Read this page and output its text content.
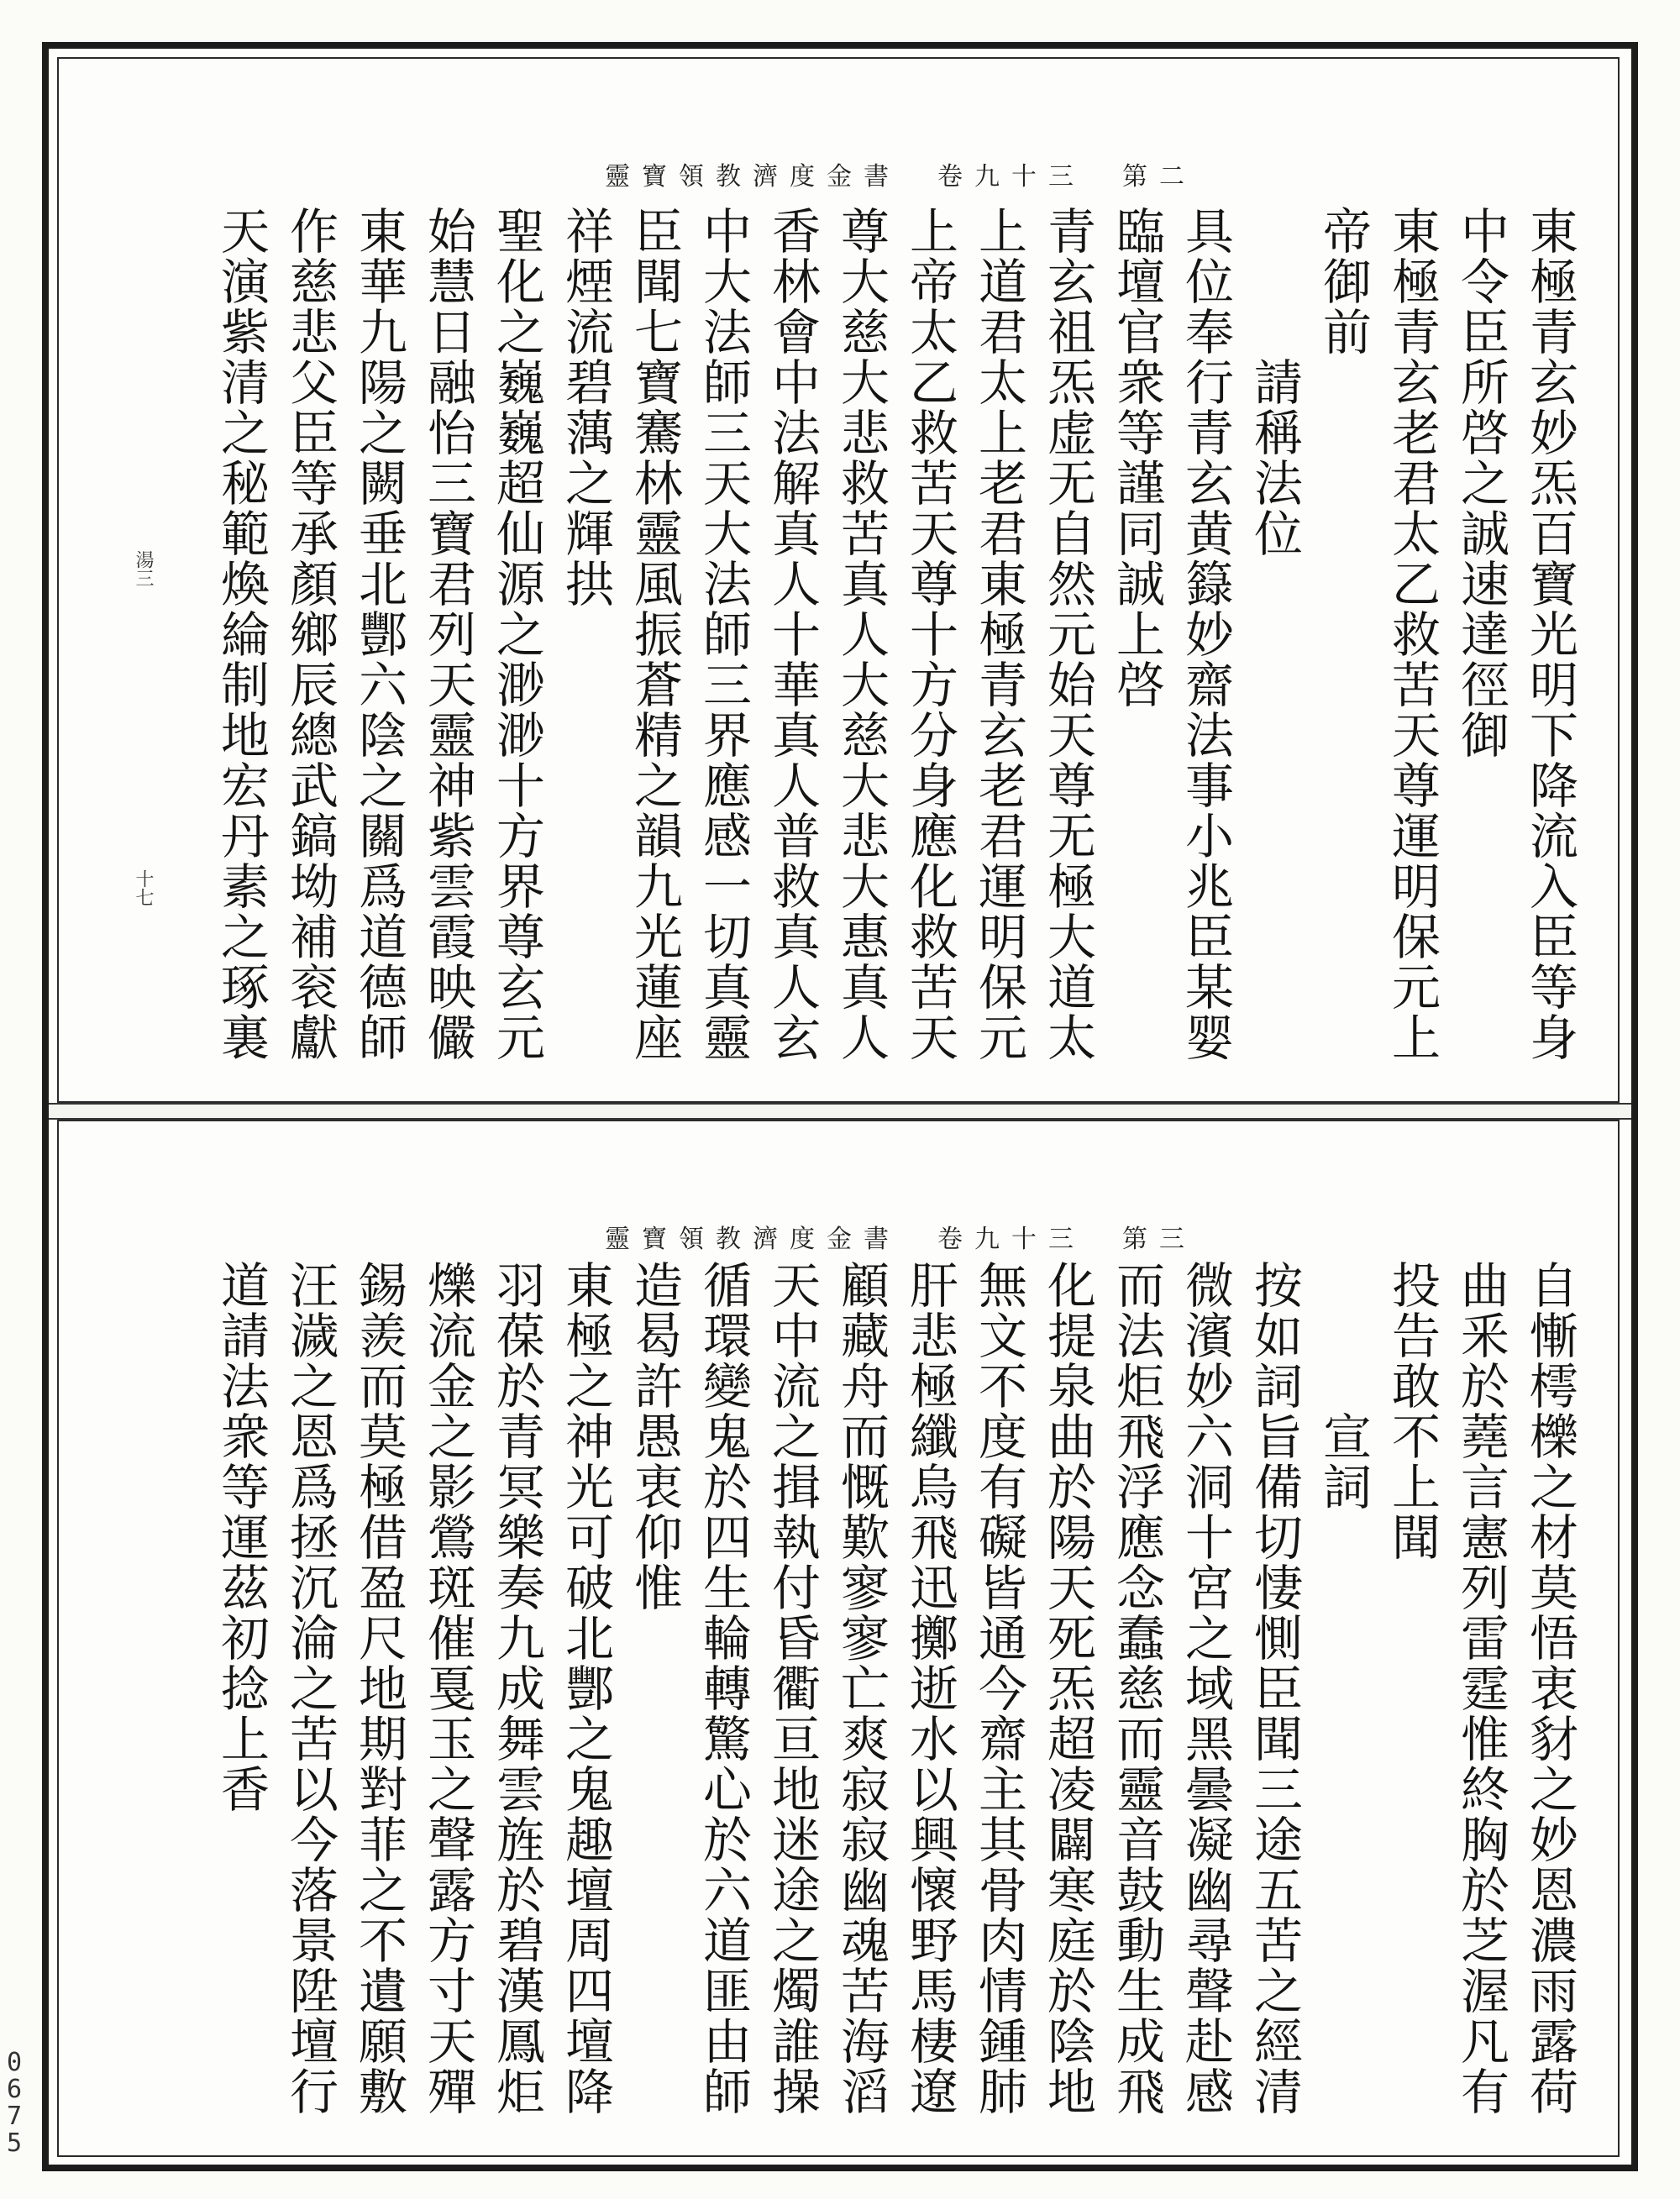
0675
靈寶領教濟度金書　卷九十三　第二
東極青玄妙炁百寶光明下降流入臣等身
中令臣所啓之誠速達徑御
東極青玄老君太乙救苦天尊運明保元上
帝御前
　　　請稱法位
具位奉行青玄黄籙妙齋法事小兆臣某婴
臨壇官衆等謹同誠上啓
青玄祖炁虚无自然元始天尊无極大道太
上道君太上老君東極青玄老君運明保元
上帝太乙救苦天尊十方分身應化救苦天
尊大慈大悲救苦真人大慈大悲大惠真人
香林會中法解真人十華真人普救真人玄
中大法師三天大法師三界應感一切真靈
臣聞七寶騫林靈風振蒼精之韻九光蓮座
祥煙流碧蕅之輝拱
聖化之巍巍超仙源之渺渺十方界尊玄元
始慧日融怡三寶君列天靈神紫雲霞映儼
東華九陽之闕垂北酆六陰之關爲道德師
作慈悲父臣等承顏鄉辰總武鎬坳補衮獻
天演紫清之秘範煥綸制地宏丹素之琢裏
湯三
十七
靈寶領教濟度金書　卷九十三　第三
自慚樗櫟之材莫悟衷豺之妙恩濃雨露荷
曲釆於蕘言憲列雷霆惟終胸於芝渥凡有
投告敢不上聞
　　　宣詞
按如詞旨備切悽惻臣聞三途五苦之經清
微濱妙六洞十宮之域黑曇凝幽尋聲赴感
而法炬飛浮應念蠢慈而靈音鼓動生成飛
化提泉曲於陽天死炁超凌闢寒庭於陰地
無文不度有礙皆通今齋主其骨肉情鍾肺
肝悲極纖烏飛迅擲逝水以興懷野馬棲遼
顧藏舟而慨歎寥寥亡爽寂寂幽魂苦海滔
天中流之揖執付昏衢亘地迷途之燭誰操
循環變鬼於四生輪轉驚心於六道匪由師
造曷許愚衷仰惟
東極之神光可破北酆之鬼趣壇周四壇降
羽葆於青冥樂奏九成舞雲旌於碧漢鳳炬
爍流金之影鶯斑催戛玉之聲露方寸天殫
錫羨而莫極借盈尺地期對菲之不遺願敷
汪濊之恩爲拯沉淪之苦以今落景陞壇行
道請法衆等運茲初捻上香
